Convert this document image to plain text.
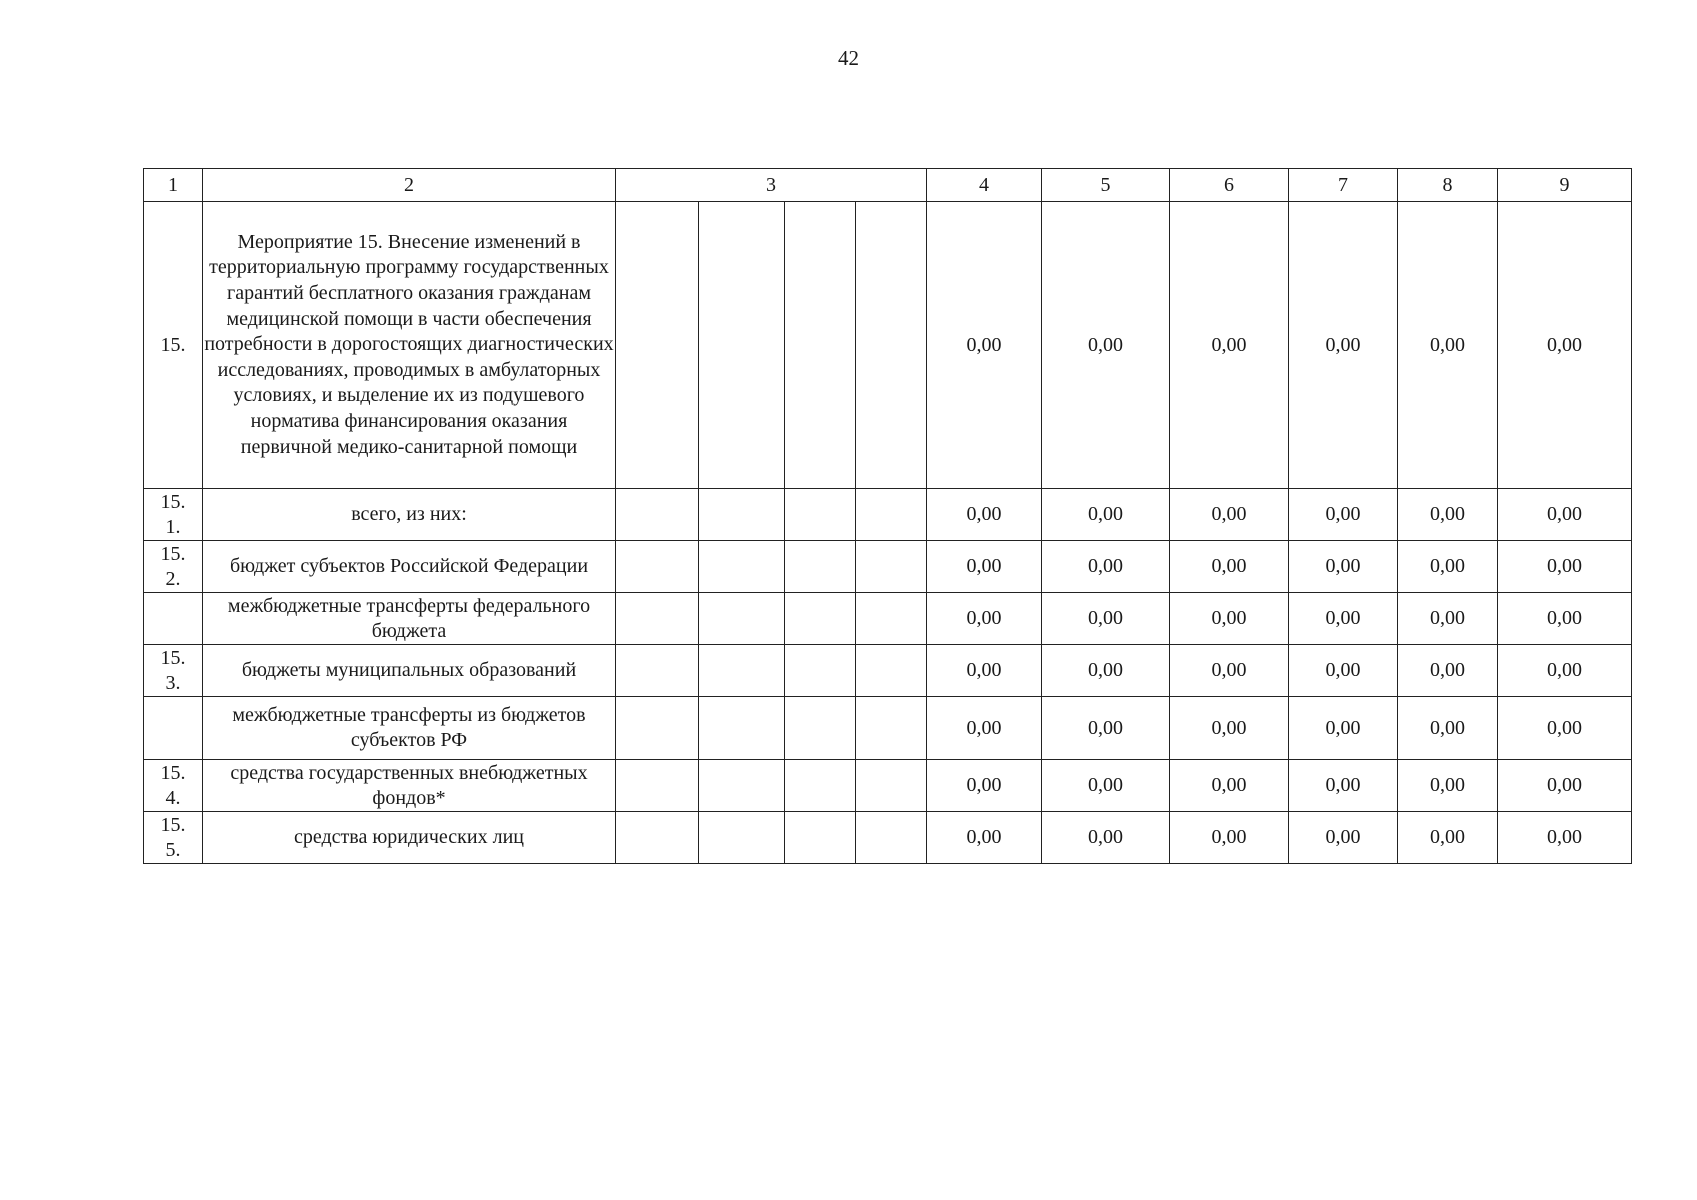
42
1	2	3				4	5	6	7	8	9
15.	Мероприятие 15. Внесение изменений в территориальную программу государственных гарантий бесплатного оказания гражданам медицинской помощи в части обеспечения потребности в дорогостоящих диагностических исследованиях, проводимых в амбулаторных условиях, и выделение их из подушевого норматива финансирования оказания первичной медико-санитарной помощи					0,00	0,00	0,00	0,00	0,00	0,00
15.
1.	всего, из них:					0,00	0,00	0,00	0,00	0,00	0,00
15.
2.	бюджет субъектов Российской Федерации					0,00	0,00	0,00	0,00	0,00	0,00
	межбюджетные трансферты федерального бюджета					0,00	0,00	0,00	0,00	0,00	0,00
15.
3.	бюджеты муниципальных образований					0,00	0,00	0,00	0,00	0,00	0,00
	межбюджетные трансферты из бюджетов субъектов РФ					0,00	0,00	0,00	0,00	0,00	0,00
15.
4.	средства государственных внебюджетных фондов*					0,00	0,00	0,00	0,00	0,00	0,00
15.
5.	средства юридических лиц					0,00	0,00	0,00	0,00	0,00	0,00
